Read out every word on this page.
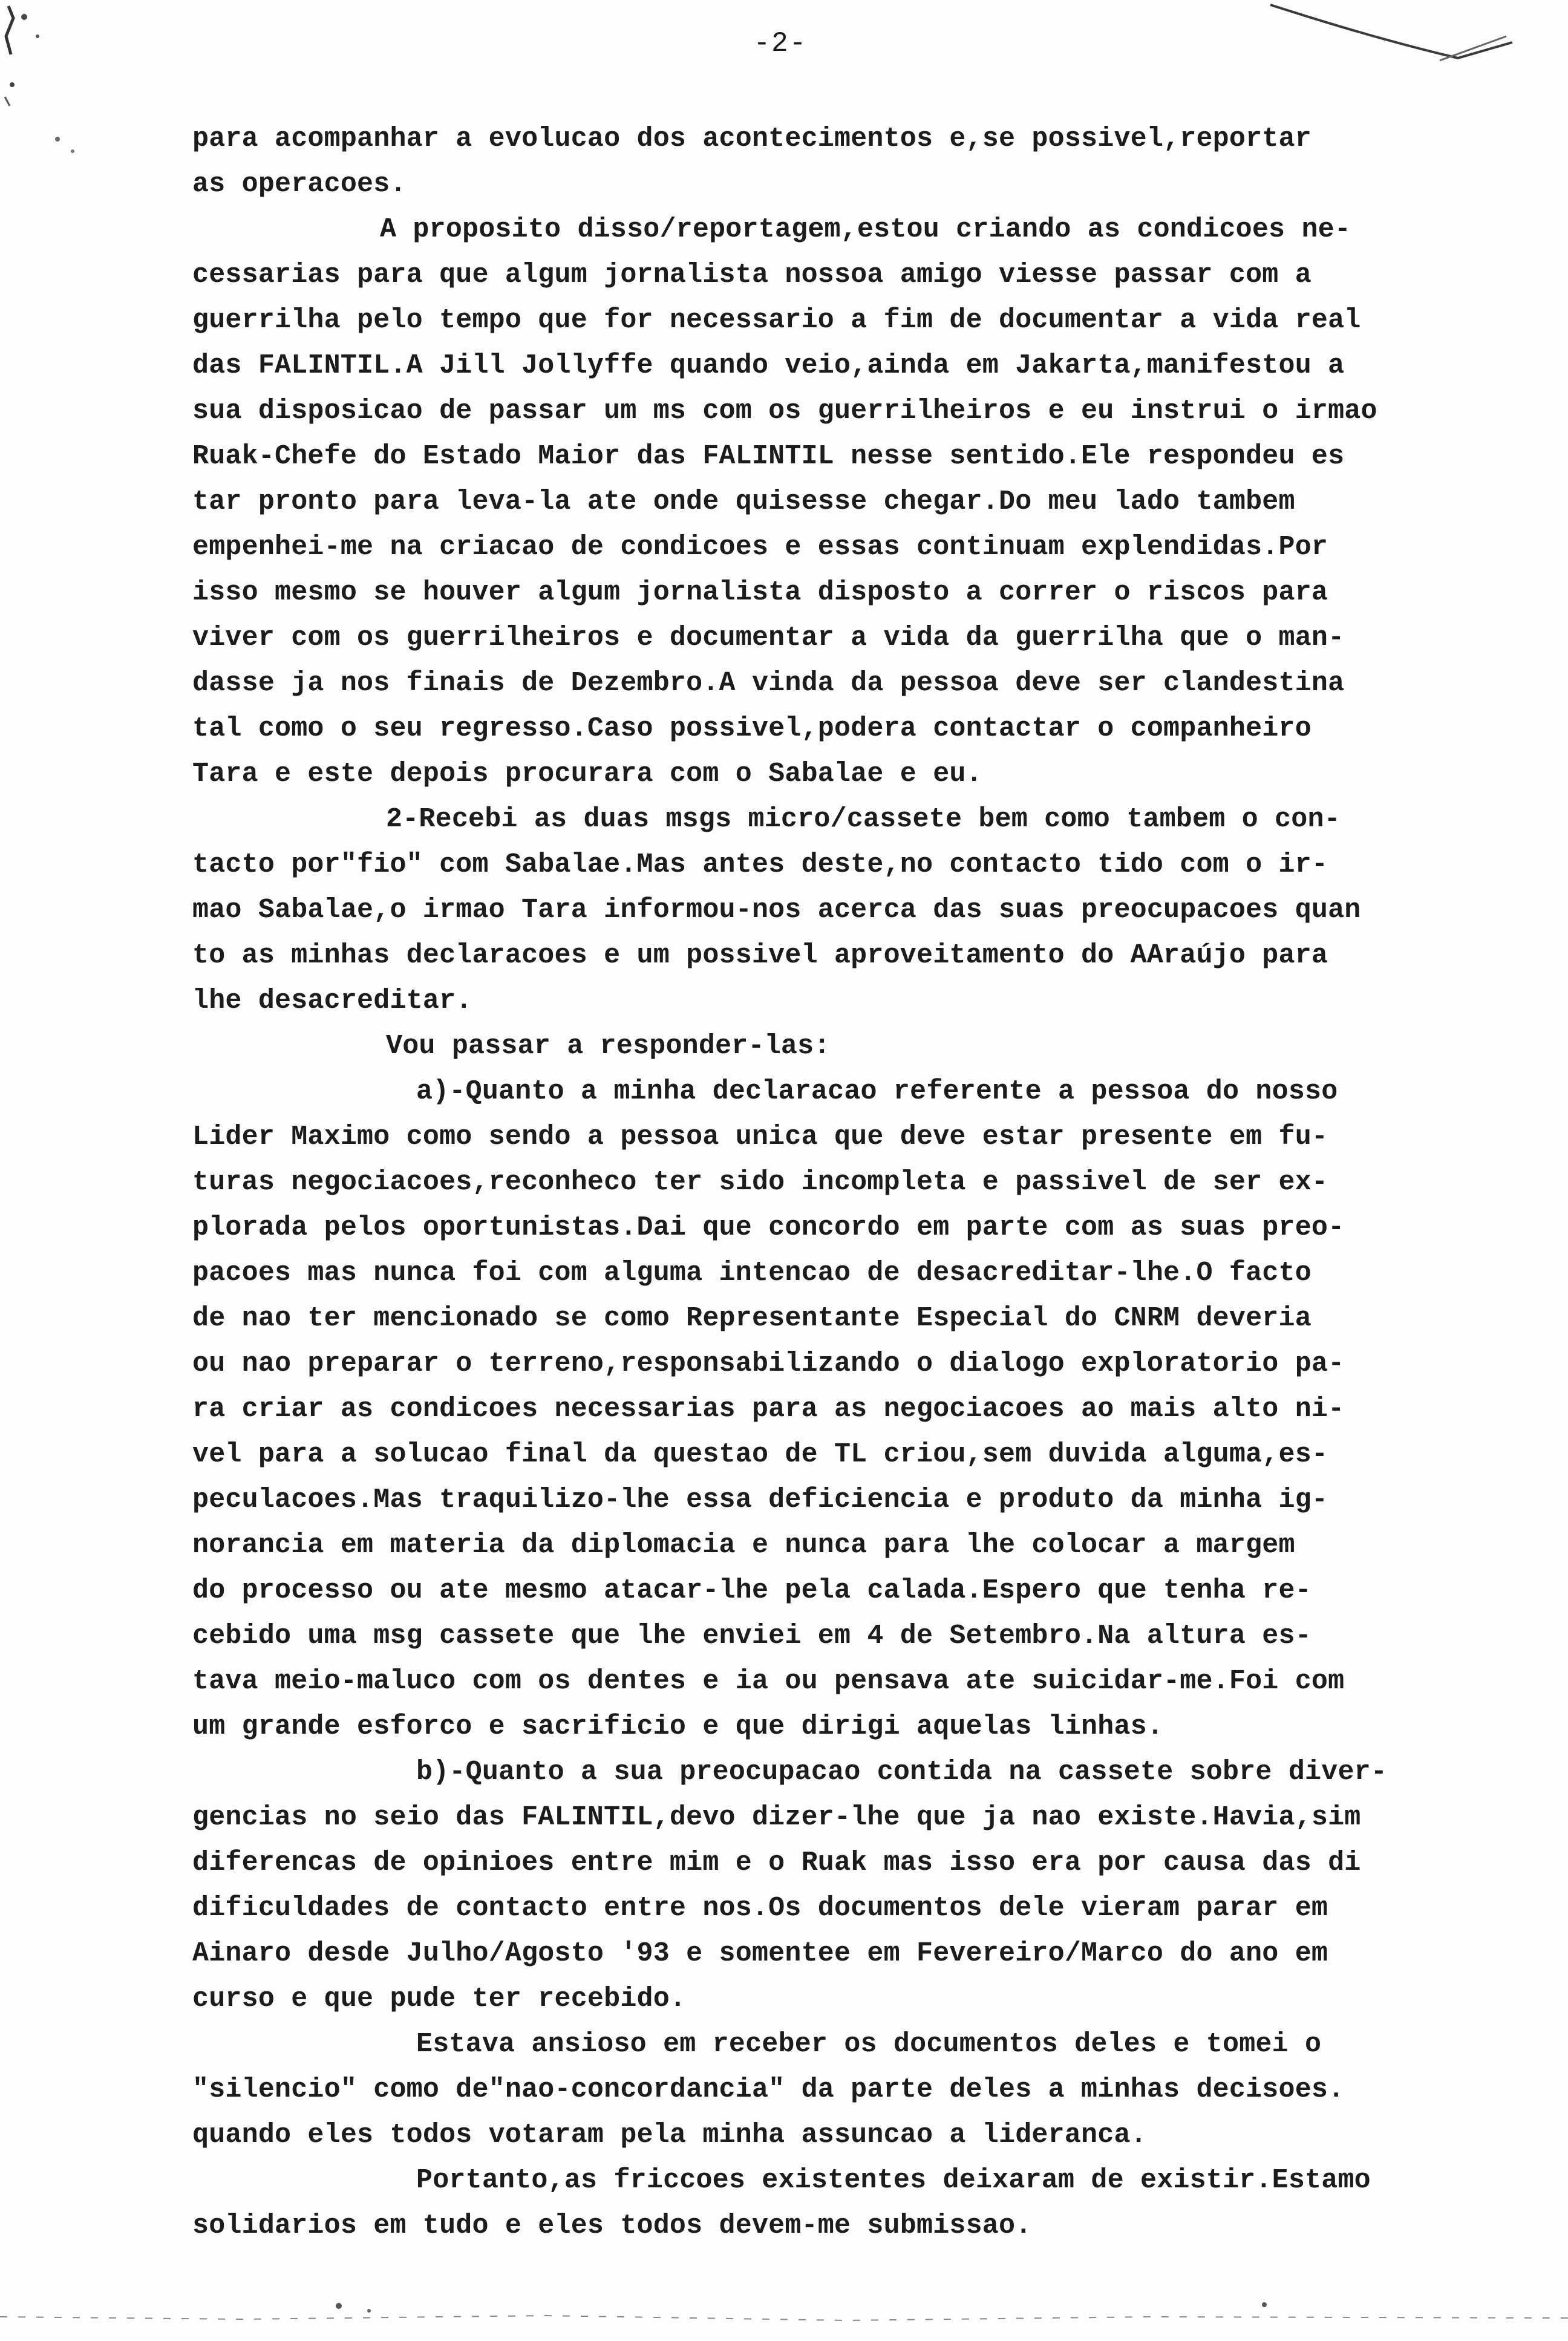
-2-
para acompanhar a evolucao dos acontecimentos e,se possivel,reportar
as operacoes.
A proposito disso/reportagem,estou criando as condicoes ne-
cessarias para que algum jornalista nossoa amigo viesse passar com a
guerrilha pelo tempo que for necessario a fim de documentar a vida real
das FALINTIL.A Jill Jollyffe quando veio,ainda em Jakarta,manifestou a
sua disposicao de passar um ms com os guerrilheiros e eu instrui o irmao
Ruak-Chefe do Estado Maior das FALINTIL nesse sentido.Ele respondeu es
tar pronto para leva-la ate onde quisesse chegar.Do meu lado tambem
empenhei-me na criacao de condicoes e essas continuam explendidas.Por
isso mesmo se houver algum jornalista disposto a correr o riscos para
viver com os guerrilheiros e documentar a vida da guerrilha que o man-
dasse ja nos finais de Dezembro.A vinda da pessoa deve ser clandestina
tal como o seu regresso.Caso possivel,podera contactar o companheiro
Tara e este depois procurara com o Sabalae e eu.
2-Recebi as duas msgs micro/cassete bem como tambem o con-
tacto por"fio" com Sabalae.Mas antes deste,no contacto tido com o ir-
mao Sabalae,o irmao Tara informou-nos acerca das suas preocupacoes quan
to as minhas declaracoes e um possivel aproveitamento do AAraújo para
lhe desacreditar.
Vou passar a responder-las:
a)-Quanto a minha declaracao referente a pessoa do nosso
Lider Maximo como sendo a pessoa unica que deve estar presente em fu-
turas negociacoes,reconheco ter sido incompleta e passivel de ser ex-
plorada pelos oportunistas.Dai que concordo em parte com as suas preo-
pacoes mas nunca foi com alguma intencao de desacreditar-lhe.O facto
de nao ter mencionado se como Representante Especial do CNRM deveria
ou nao preparar o terreno,responsabilizando o dialogo exploratorio pa-
ra criar as condicoes necessarias para as negociacoes ao mais alto ni-
vel para a solucao final da questao de TL criou,sem duvida alguma,es-
peculacoes.Mas traquilizo-lhe essa deficiencia e produto da minha ig-
norancia em materia da diplomacia e nunca para lhe colocar a margem
do processo ou ate mesmo atacar-lhe pela calada.Espero que tenha re-
cebido uma msg cassete que lhe enviei em 4 de Setembro.Na altura es-
tava meio-maluco com os dentes e ia ou pensava ate suicidar-me.Foi com
um grande esforco e sacrificio e que dirigi aquelas linhas.
b)-Quanto a sua preocupacao contida na cassete sobre diver-
gencias no seio das FALINTIL,devo dizer-lhe que ja nao existe.Havia,sim
diferencas de opinioes entre mim e o Ruak mas isso era por causa das di
dificuldades de contacto entre nos.Os documentos dele vieram parar em
Ainaro desde Julho/Agosto '93 e somentee em Fevereiro/Marco do ano em
curso e que pude ter recebido.
Estava ansioso em receber os documentos deles e tomei o
"silencio" como de"nao-concordancia" da parte deles a minhas decisoes.
quando eles todos votaram pela minha assuncao a lideranca.
Portanto,as friccoes existentes deixaram de existir.Estamo
solidarios em tudo e eles todos devem-me submissao.
